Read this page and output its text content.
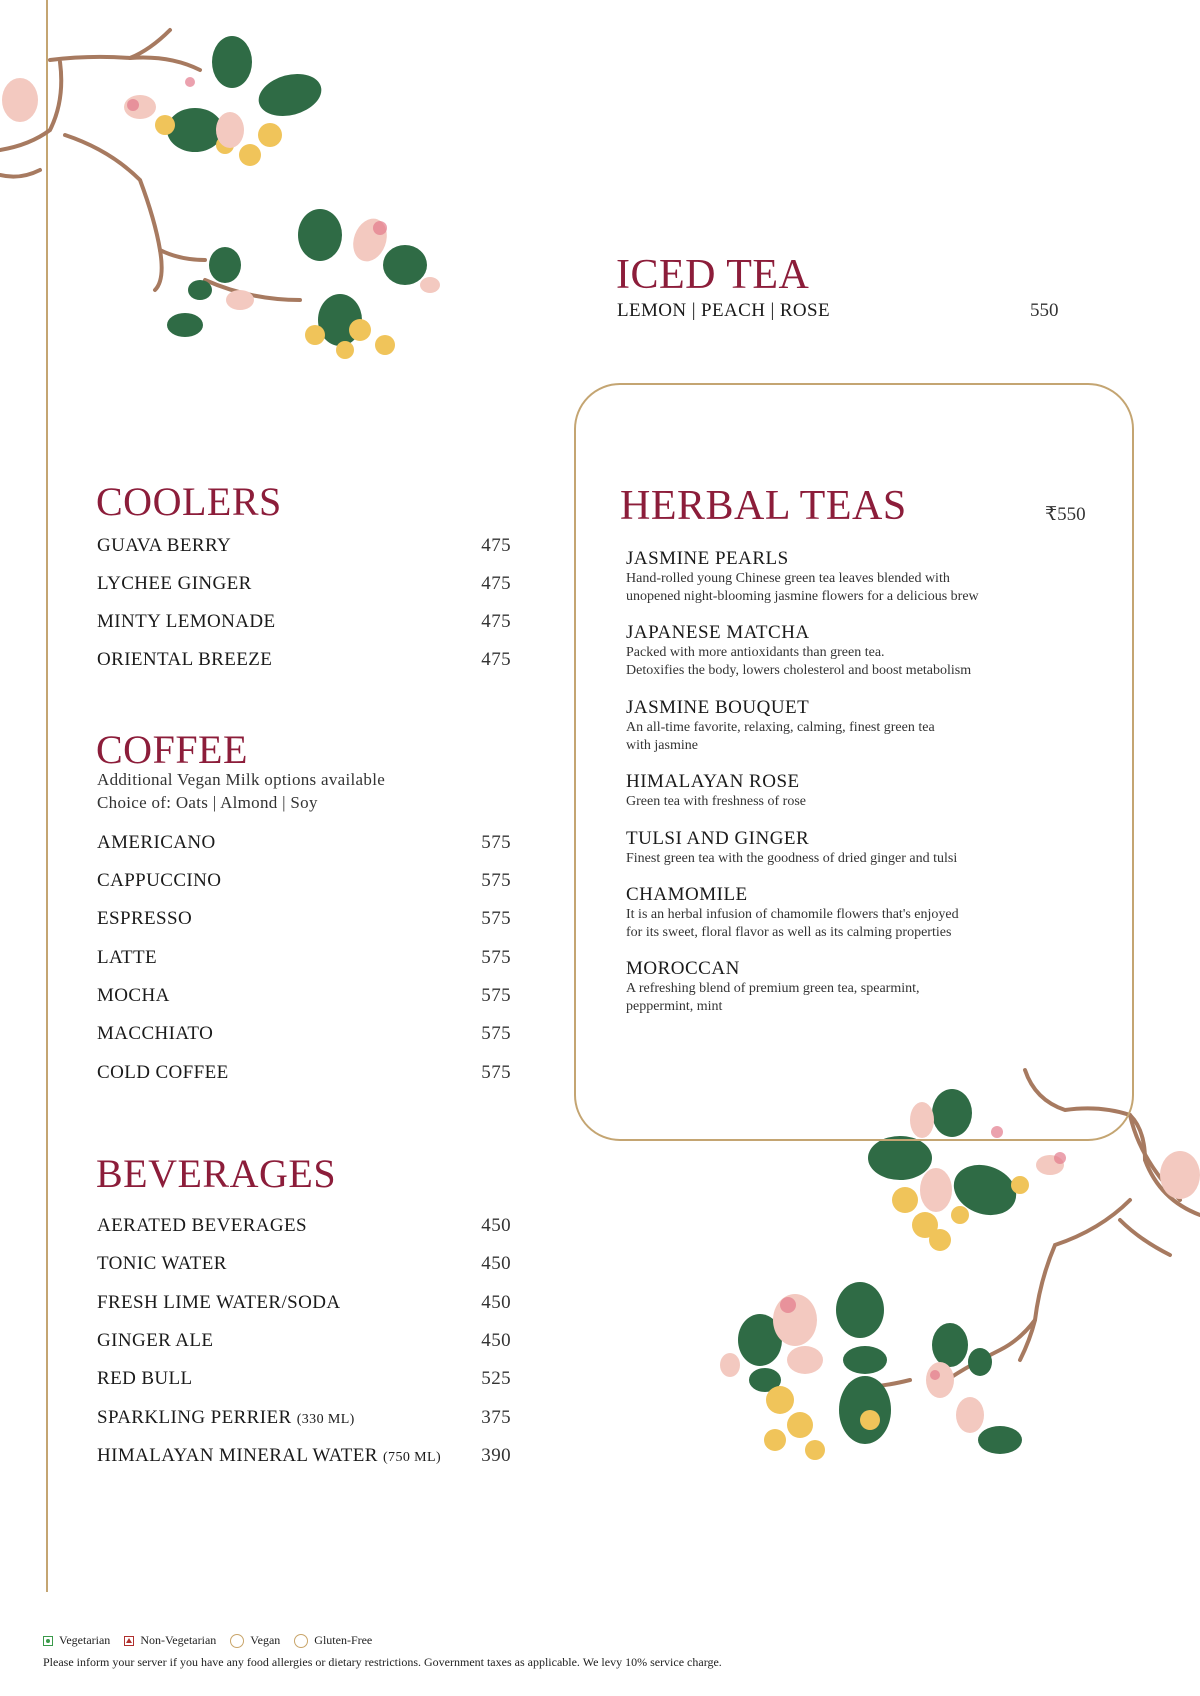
ICED TEA
LEMON | PEACH | ROSE	550
HERBAL TEAS	₹550
JASMINE PEARLS
Hand-rolled young Chinese green tea leaves blended with
unopened night-blooming jasmine flowers for a delicious brew
JAPANESE MATCHA
Packed with more antioxidants than green tea.
Detoxifies the body, lowers cholesterol and boost metabolism
JASMINE BOUQUET
An all-time favorite, relaxing, calming, finest green tea
with jasmine
HIMALAYAN ROSE
Green tea with freshness of rose
TULSI AND GINGER
Finest green tea with the goodness of dried ginger and tulsi
CHAMOMILE
It is an herbal infusion of chamomile flowers that's enjoyed
for its sweet, floral flavor as well as its calming properties
MOROCCAN
A refreshing blend of premium green tea, spearmint,
peppermint, mint
COOLERS
GUAVA BERRY	475
LYCHEE GINGER	475
MINTY LEMONADE	475
ORIENTAL BREEZE	475
COFFEE
Additional Vegan Milk options available
Choice of: Oats | Almond | Soy
AMERICANO	575
CAPPUCCINO	575
ESPRESSO	575
LATTE	575
MOCHA	575
MACCHIATO	575
COLD COFFEE	575
BEVERAGES
AERATED BEVERAGES	450
TONIC WATER	450
FRESH LIME WATER/SODA	450
GINGER ALE	450
RED BULL	525
SPARKLING PERRIER (330 ML)	375
HIMALAYAN MINERAL WATER (750 ML) 390
Vegetarian	Non-Vegetarian	Vegan	Gluten-Free
Please inform your server if you have any food allergies or dietary restrictions. Government taxes as applicable. We levy 10% service charge.
